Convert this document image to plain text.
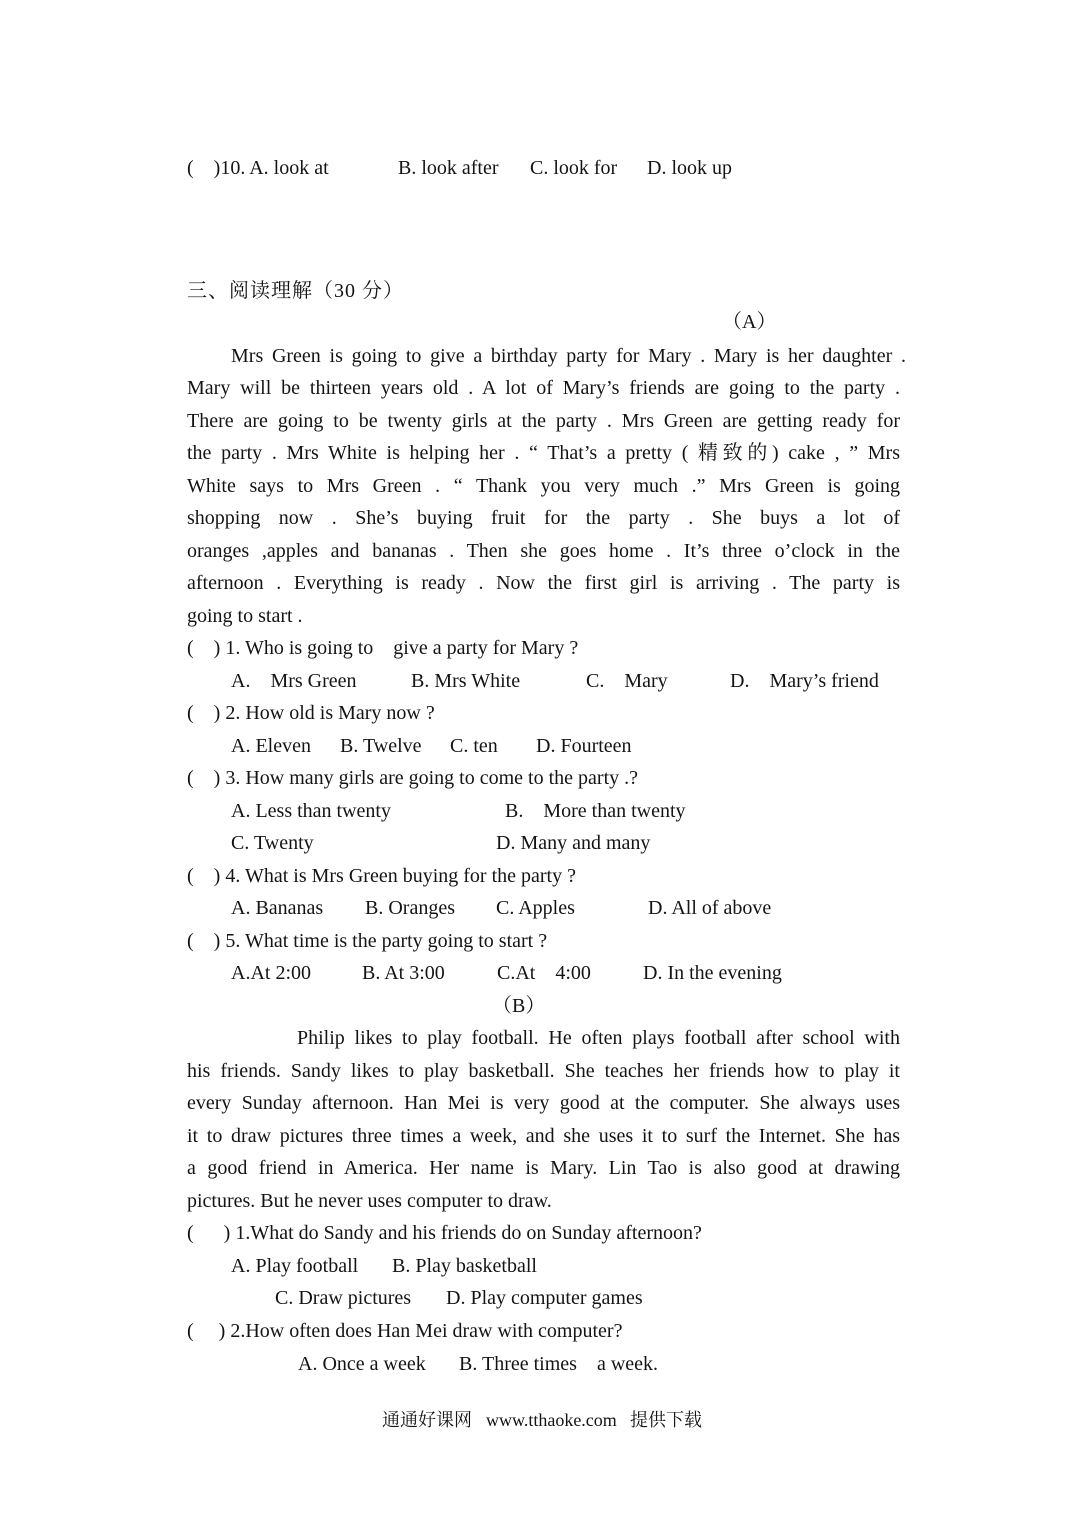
(    )10. A. look at	B. look after C. look for D. look up
三、阅读理解（30 分）
（A）
Mrs Green is going to give a birthday party for Mary . Mary is her daughter .
Mary will be thirteen years old . A lot of Mary’s friends are going to the party .
There are going to be twenty girls at the party . Mrs Green are getting ready for
the party . Mrs White is helping her . “ That’s a pretty ( 精致的) cake , ” Mrs
White says to Mrs Green . “ Thank you very much .” Mrs Green is going
shopping now . She’s buying fruit for the party . She buys a lot of
oranges ,apples and bananas . Then she goes home . It’s three o’clock in the
afternoon . Everything is ready . Now the first girl is arriving . The party is
going to start .
(    ) 1. Who is going to    give a party for Mary ?
A.    Mrs Green	B. Mrs White	C.    Mary	D.    Mary’s friend
(    ) 2. How old is Mary now ?
A. Eleven B. Twelve C. ten D. Fourteen
(    ) 3. How many girls are going to come to the party .?
A. Less than twenty	B.    More than twenty
C. Twenty	D. Many and many
(    ) 4. What is Mrs Green buying for the party ?
A. Bananas B. Oranges C. Apples	D. All of above
(    ) 5. What time is the party going to start ?
A.At 2:00	B. At 3:00	C.At    4:00	D. In the evening
（B）
Philip likes to play football. He often plays football after school with
his friends. Sandy likes to play basketball. She teaches her friends how to play it
every Sunday afternoon. Han Mei is very good at the computer. She always uses
it to draw pictures three times a week, and she uses it to surf the Internet. She has
a good friend in America. Her name is Mary. Lin Tao is also good at drawing
pictures. But he never uses computer to draw.
(      ) 1.What do Sandy and his friends do on Sunday afternoon?
A. Play football B. Play basketball
C. Draw pictures D. Play computer games
(     ) 2.How often does Han Mei draw with computer?
A. Once a week B. Three times    a week.
通通好课网 www.tthaoke.com 提供下载
